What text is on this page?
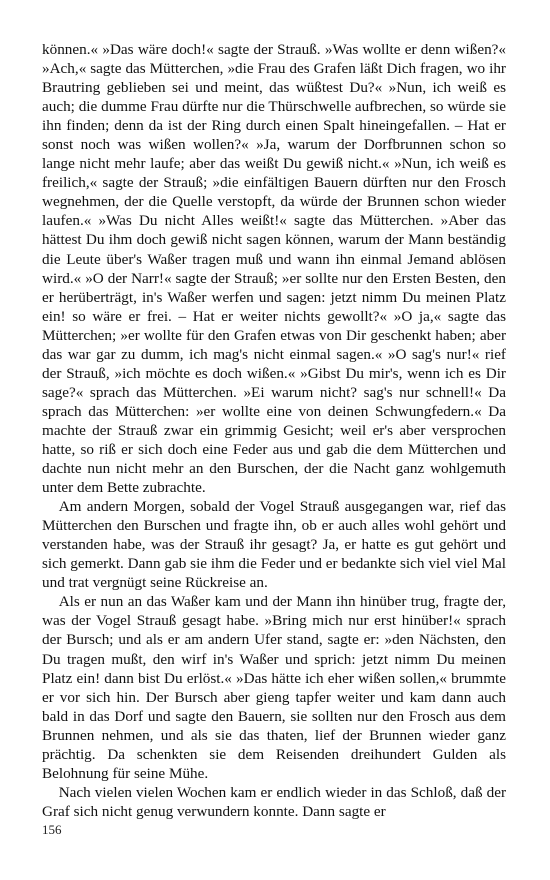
können.« »Das wäre doch!« sagte der Strauß. »Was wollte er denn wißen?« »Ach,« sagte das Mütterchen, »die Frau des Grafen läßt Dich fragen, wo ihr Brautring geblieben sei und meint, das wüßtest Du?« »Nun, ich weiß es auch; die dumme Frau dürfte nur die Thürschwelle aufbrechen, so würde sie ihn finden; denn da ist der Ring durch einen Spalt hineingefallen. – Hat er sonst noch was wißen wollen?« »Ja, warum der Dorfbrunnen schon so lange nicht mehr laufe; aber das weißt Du gewiß nicht.« »Nun, ich weiß es freilich,« sagte der Strauß; »die einfältigen Bauern dürften nur den Frosch wegnehmen, der die Quelle verstopft, da würde der Brunnen schon wieder laufen.« »Was Du nicht Alles weißt!« sagte das Mütterchen. »Aber das hättest Du ihm doch gewiß nicht sagen können, warum der Mann beständig die Leute über's Waßer tragen muß und wann ihn einmal Jemand ablösen wird.« »O der Narr!« sagte der Strauß; »er sollte nur den Ersten Besten, den er herüberträgt, in's Waßer werfen und sagen: jetzt nimm Du meinen Platz ein! so wäre er frei. – Hat er weiter nichts gewollt?« »O ja,« sagte das Mütterchen; »er wollte für den Grafen etwas von Dir geschenkt haben; aber das war gar zu dumm, ich mag's nicht einmal sagen.« »O sag's nur!« rief der Strauß, »ich möchte es doch wißen.« »Gibst Du mir's, wenn ich es Dir sage?« sprach das Mütterchen. »Ei warum nicht? sag's nur schnell!« Da sprach das Mütterchen: »er wollte eine von deinen Schwungfedern.« Da machte der Strauß zwar ein grimmig Gesicht; weil er's aber versprochen hatte, so riß er sich doch eine Feder aus und gab die dem Mütterchen und dachte nun nicht mehr an den Burschen, der die Nacht ganz wohlgemuth unter dem Bette zubrachte.

Am andern Morgen, sobald der Vogel Strauß ausgegangen war, rief das Mütterchen den Burschen und fragte ihn, ob er auch alles wohl gehört und verstanden habe, was der Strauß ihr gesagt? Ja, er hatte es gut gehört und sich gemerkt. Dann gab sie ihm die Feder und er bedankte sich viel viel Mal und trat vergnügt seine Rückreise an.

Als er nun an das Waßer kam und der Mann ihn hinüber trug, fragte der, was der Vogel Strauß gesagt habe. »Bring mich nur erst hinüber!« sprach der Bursch; und als er am andern Ufer stand, sagte er: »den Nächsten, den Du tragen mußt, den wirf in's Waßer und sprich: jetzt nimm Du meinen Platz ein! dann bist Du erlöst.« »Das hätte ich eher wißen sollen,« brummte er vor sich hin. Der Bursch aber gieng tapfer weiter und kam dann auch bald in das Dorf und sagte den Bauern, sie sollten nur den Frosch aus dem Brunnen nehmen, und als sie das thaten, lief der Brunnen wieder ganz prächtig. Da schenkten sie dem Reisenden dreihundert Gulden als Belohnung für seine Mühe.

Nach vielen vielen Wochen kam er endlich wieder in das Schloß, daß der Graf sich nicht genug verwundern konnte. Dann sagte er

156
